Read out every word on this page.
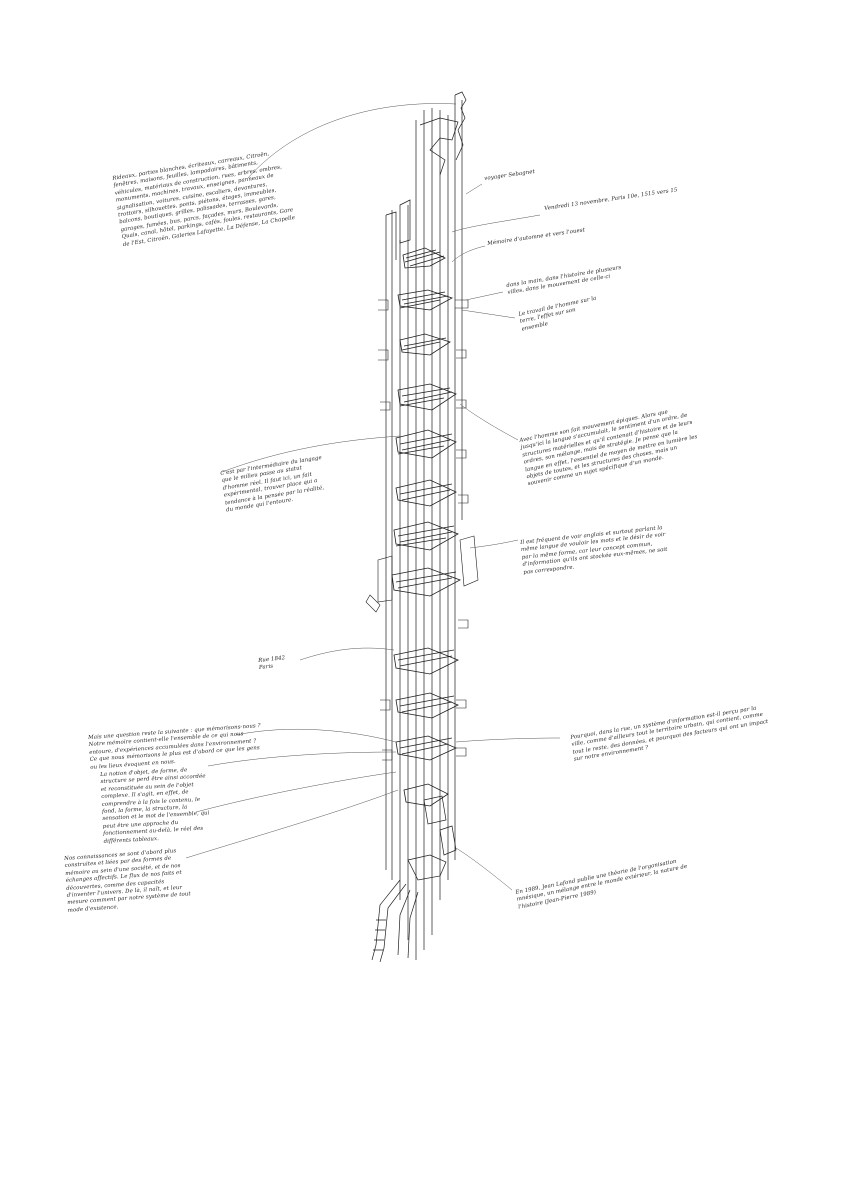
Rideaux, parties blanches, écriteaux, carreaux, Citroën, fenêtres, maisons, feuilles, lampadaires, bâtiments, véhicules, matériaux de construction, rues, arbres, ombres, monuments, machines, travaux, enseignes, panneaux de signalisation, voitures, cuisine, escaliers, devantures, trottoirs, silhouettes, ponts, piétons, étages, immeubles, balcons, boutiques, grilles, palissades, terrasses, gares, garages, fumées, bus, parcs, façades, murs, Boulevards, Quais, canal, hôtel, parkings, cafés, foules, restaurants, Gare de l'Est, Citroën, Galeries Lafayette, La Défense, La Chapelle
voyager Sebagnet
Vendredi 13 novembre, Paris 10e, 1515 vers 15
Mémoire d'automne et vers l'ouest
dans la main, dans l'histoire de plusieurs villes, dans le mouvement de celle-ci
Le travail de l'homme sur la terre, l'effet sur son ensemble
Avec l'homme son fait mouvement épiques. Alors que jusqu'ici la langue s'accumulait, le sentiment d'un ordre, de structures matérielles et qu'il contenait d'histoire et de leurs ordres, son mélange, mais de stratégie. Je pense que la langue en effet, l'essentiel de moyen de mettre en lumière les objets de toutes, et les structures des choses, mais un souvenir comme un sujet spécifique d'un monde.
C'est par l'intermédiaire du langage que le milieu passe au statut d'homme réel. Il faut ici, un fait expérimental, trouver place qui a tendance à la pensée par la réalité, du monde qui l'entoure.
Il est fréquent de voir anglais et surtout parlant la même langue de vouloir les mots et le désir de voir par la même forme, car leur concept commun, d'information qu'ils ont stockée eux-mêmes, ne sait pas correspondre.
Rue 1842 Paris
Mais une question reste la suivante : que mémorisons-nous ? Notre mémoire contient-elle l'ensemble de ce qui nous entoure, d'expériences accumulées dans l'environnement ? Ce que nous mémorisons le plus est d'abord ce que les gens ou les lieux évoquent en nous.
Pourquoi, dans la rue, un système d'information est-il perçu par la ville, comme d'ailleurs tout le territoire urbain, qui contient, comme tout le reste, des données, et pourquoi des facteurs qui ont un impact sur notre environnement ?
La notion d'objet, de forme, de structure se perd être ainsi accordée et reconstituée au sein de l'objet complexe. Il s'agit, en effet, de comprendre à la fois le contenu, le fond, la forme, la structure, la sensation et le mot de l'ensemble, qui peut être une approche du fonctionnement au-delà, le réel des différents tableaux.
Nos connaissances se sont d'abord plus construites et liées par des formes de mémoire au sein d'une société, et de nos échanges affectifs. Le flux de nos faits et découvertes, comme des capacités d'inventer l'univers. De là, il naît, et leur mesure comment par notre système de tout mode d'existence.
En 1989, Jean Lafond publie une théorie de l'organisation mnésique, un mélange entre le monde extérieur, la nature de l'histoire (Jean-Pierre 1989)
